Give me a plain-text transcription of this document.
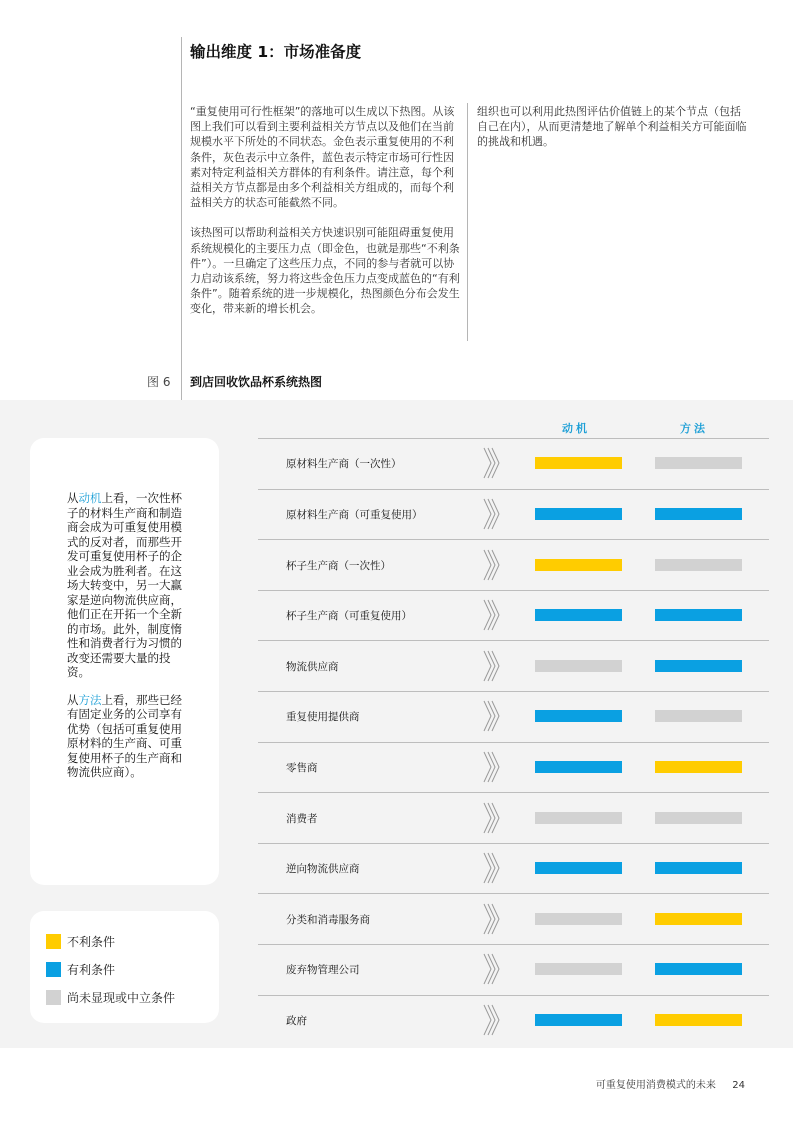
输出维度 1：市场准备度

“重复使用可行性框架”的落地可以生成以下热图。从该图上我们可以看到主要利益相关方节点以及他们在当前规模水平下所处的不同状态。金色表示重复使用的不利条件，灰色表示中立条件，蓝色表示特定市场可行性因素对特定利益相关方群体的有利条件。请注意，每个利益相关方节点都是由多个利益相关方组成的，而每个利益相关方的状态可能截然不同。

该热图可以帮助利益相关方快速识别可能阻碍重复使用系统规模化的主要压力点（即金色，也就是那些“不利条件”）。一旦确定了这些压力点，不同的参与者就可以协力启动该系统，努力将这些金色压力点变成蓝色的“有利条件”。随着系统的进一步规模化，热图颜色分布会发生变化，带来新的增长机会。

组织也可以利用此热图评估价值链上的某个节点（包括自己在内），从而更清楚地了解单个利益相关方可能面临的挑战和机遇。

图 6 到店回收饮品杯系统热图

从动机上看，一次性杯子的材料生产商和制造商会成为可重复使用模式的反对者，而那些开发可重复使用杯子的企业会成为胜利者。在这场大转变中，另一大赢家是逆向物流供应商，他们正在开拓一个全新的市场。此外，制度惰性和消费者行为习惯的改变还需要大量的投资。

从方法上看，那些已经有固定业务的公司享有优势（包括可重复使用原材料的生产商、可重复使用杯子的生产商和物流供应商）。

不利条件
有利条件
尚未显现或中立条件
动机	方法
原材料生产商（一次性）
原材料生产商（可重复使用）
杯子生产商（一次性）
杯子生产商（可重复使用）
物流供应商
重复使用提供商
零售商
消费者
逆向物流供应商
分类和消毒服务商
废弃物管理公司
政府
可重复使用消费模式的未来 24
